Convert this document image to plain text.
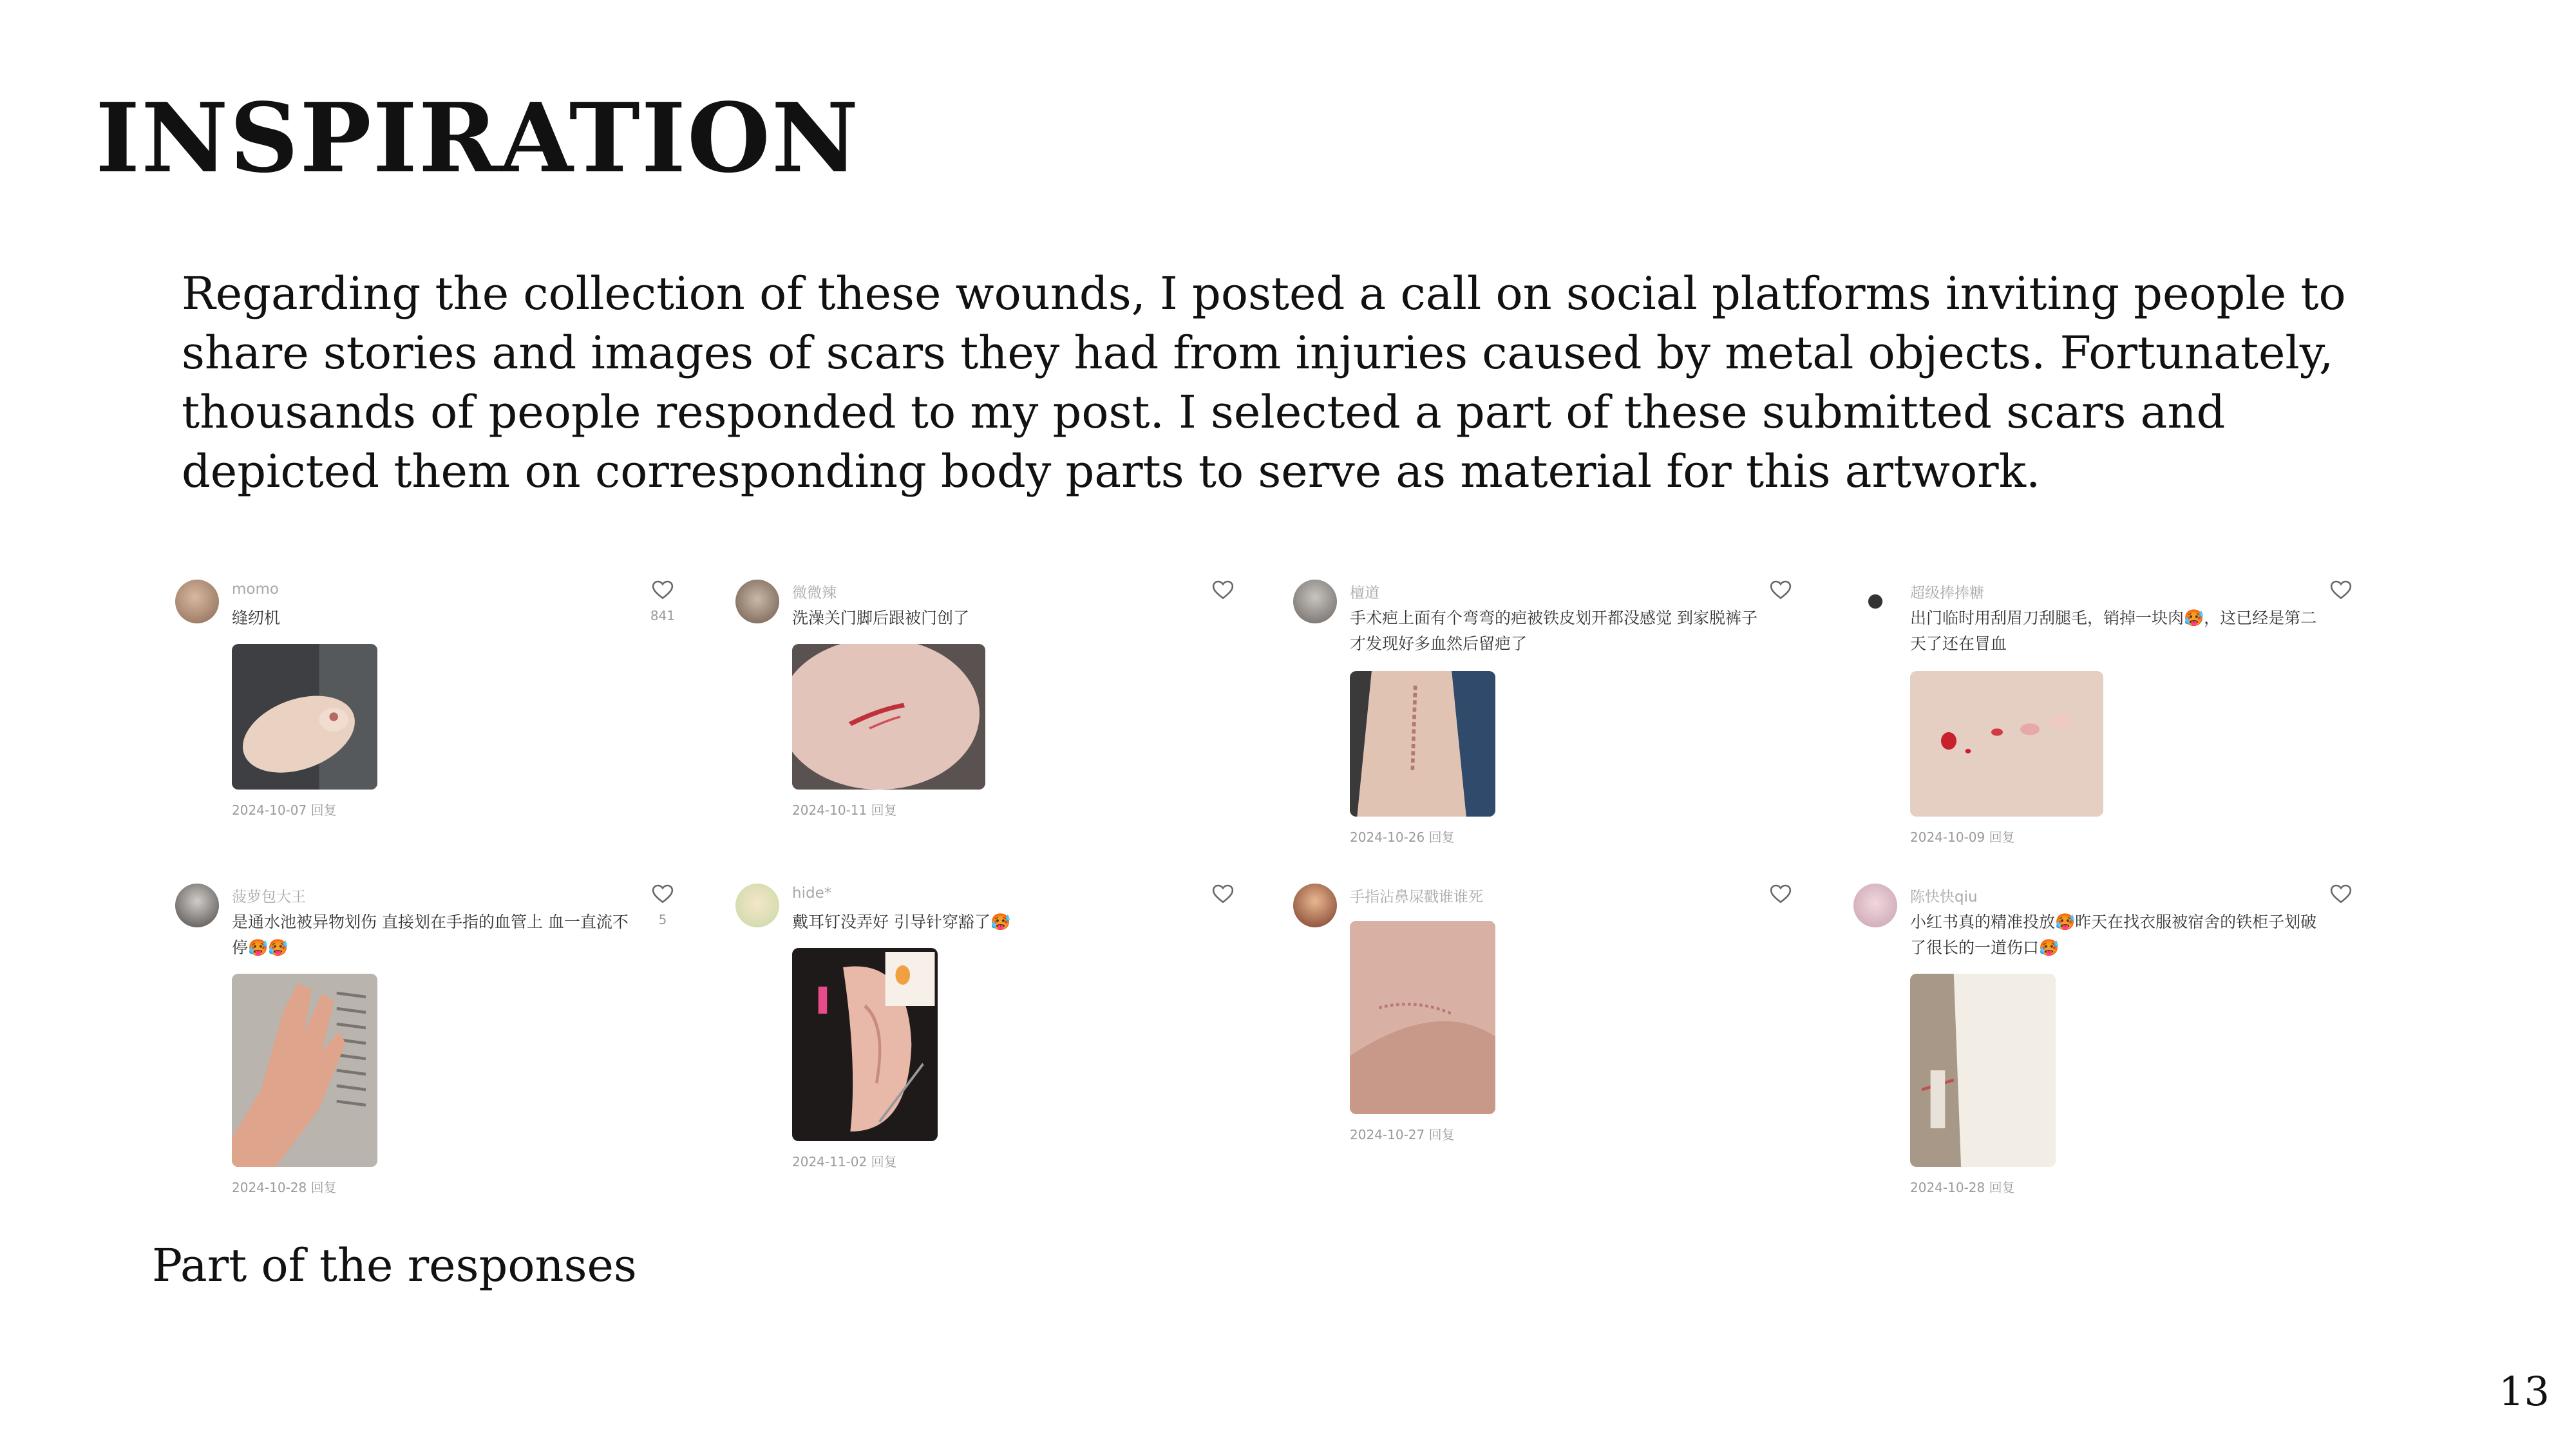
INSPIRATION

Regarding the collection of these wounds, I posted a call on social platforms inviting people to share stories and images of scars they had from injuries caused by metal objects. Fortunately, thousands of people responded to my post. I selected a part of these submitted scars and depicted them on corresponding body parts to serve as material for this artwork.

momo
缝纫机	841
2024-10-07 回复
微微辣
洗澡关门脚后跟被门创了
2024-10-11 回复
檀道
手术疤上面有个弯弯的疤被铁皮划开都没感觉 到家脱裤子才发现好多血然后留疤了
2024-10-26 回复
超级捧捧糖
出门临时用刮眉刀刮腿毛，销掉一块肉🥵，这已经是第二天了还在冒血
2024-10-09 回复
菠萝包大王
是通水池被异物划伤 直接划在手指的血管上 血一直流不停🥵🥵
5
2024-10-28 回复
hide*
戴耳钉没弄好 引导针穿豁了🥵
2024-11-02 回复
手指沾鼻屎戳谁谁死
2024-10-27 回复
陈快快qiu
小红书真的精准投放🥵昨天在找衣服被宿舍的铁柜子划破了很长的一道伤口🥵
2024-10-28 回复

Part of the responses

13
